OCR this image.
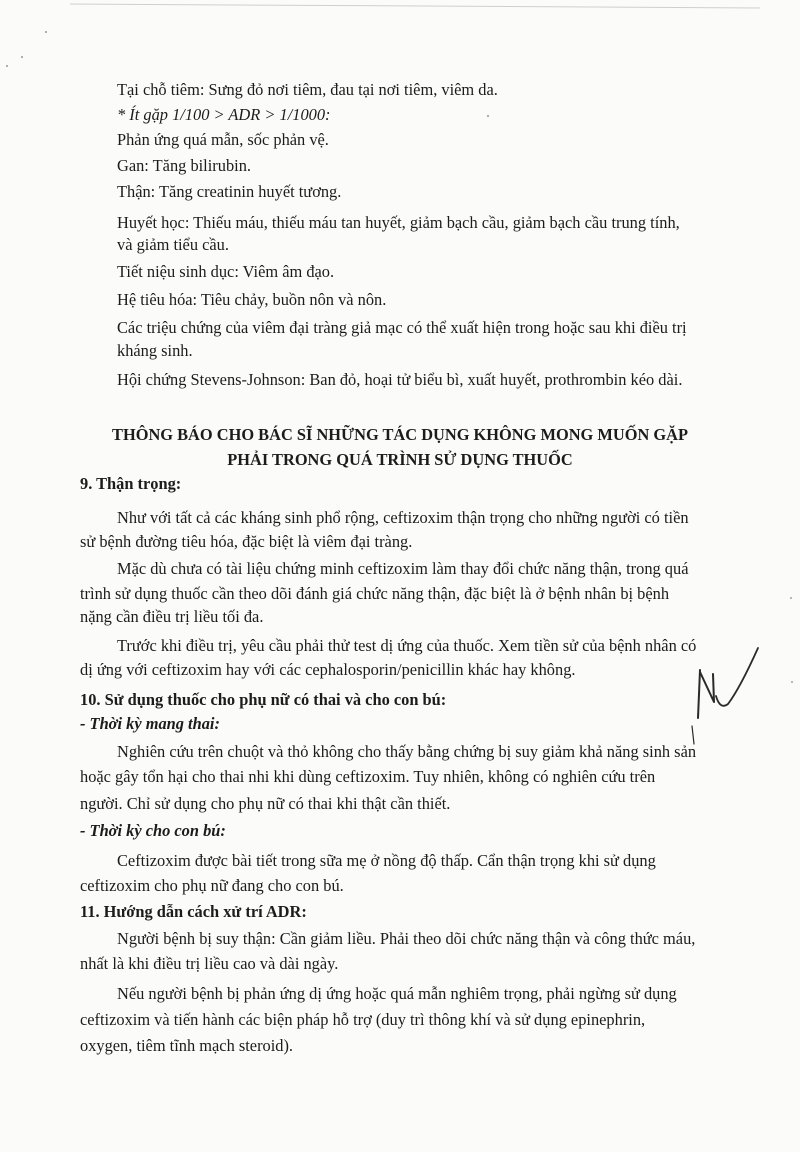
Tại chỗ tiêm: Sưng đỏ nơi tiêm, đau tại nơi tiêm, viêm da.
* Ít gặp 1/100 > ADR > 1/1000:
Phản ứng quá mẫn, sốc phản vệ.
Gan: Tăng bilirubin.
Thận: Tăng creatinin huyết tương.
Huyết học: Thiếu máu, thiếu máu tan huyết, giảm bạch cầu, giảm bạch cầu trung tính,
và giảm tiểu cầu.
Tiết niệu sinh dục: Viêm âm đạo.
Hệ tiêu hóa: Tiêu chảy, buồn nôn và nôn.
Các triệu chứng của viêm đại tràng giả mạc có thể xuất hiện trong hoặc sau khi điều trị
kháng sinh.
Hội chứng Stevens-Johnson: Ban đỏ, hoại tử biểu bì, xuất huyết, prothrombin kéo dài.
THÔNG BÁO CHO BÁC SĨ NHỮNG TÁC DỤNG KHÔNG MONG MUỐN GẶP
PHẢI TRONG QUÁ TRÌNH SỬ DỤNG THUỐC
9. Thận trọng:
Như với tất cả các kháng sinh phổ rộng, ceftizoxim thận trọng cho những người có tiền
sử bệnh đường tiêu hóa, đặc biệt là viêm đại tràng.
Mặc dù chưa có tài liệu chứng minh ceftizoxim làm thay đổi chức năng thận, trong quá
trình sử dụng thuốc cần theo dõi đánh giá chức năng thận, đặc biệt là ở bệnh nhân bị bệnh
nặng cần điều trị liều tối đa.
Trước khi điều trị, yêu cầu phải thử test dị ứng của thuốc. Xem tiền sử của bệnh nhân có
dị ứng với ceftizoxim hay với các cephalosporin/penicillin khác hay không.
10. Sử dụng thuốc cho phụ nữ có thai và cho con bú:
- Thời kỳ mang thai:
Nghiên cứu trên chuột và thỏ không cho thấy bằng chứng bị suy giảm khả năng sinh sản
hoặc gây tổn hại cho thai nhi khi dùng ceftizoxim. Tuy nhiên, không có nghiên cứu trên
người. Chỉ sử dụng cho phụ nữ có thai khi thật cần thiết.
- Thời kỳ cho con bú:
Ceftizoxim được bài tiết trong sữa mẹ ở nồng độ thấp. Cẩn thận trọng khi sử dụng
ceftizoxim cho phụ nữ đang cho con bú.
11. Hướng dẫn cách xử trí ADR:
Người bệnh bị suy thận: Cần giảm liều. Phải theo dõi chức năng thận và công thức máu,
nhất là khi điều trị liều cao và dài ngày.
Nếu người bệnh bị phản ứng dị ứng hoặc quá mẫn nghiêm trọng, phải ngừng sử dụng
ceftizoxim và tiến hành các biện pháp hỗ trợ (duy trì thông khí và sử dụng epinephrin,
oxygen, tiêm tĩnh mạch steroid).
